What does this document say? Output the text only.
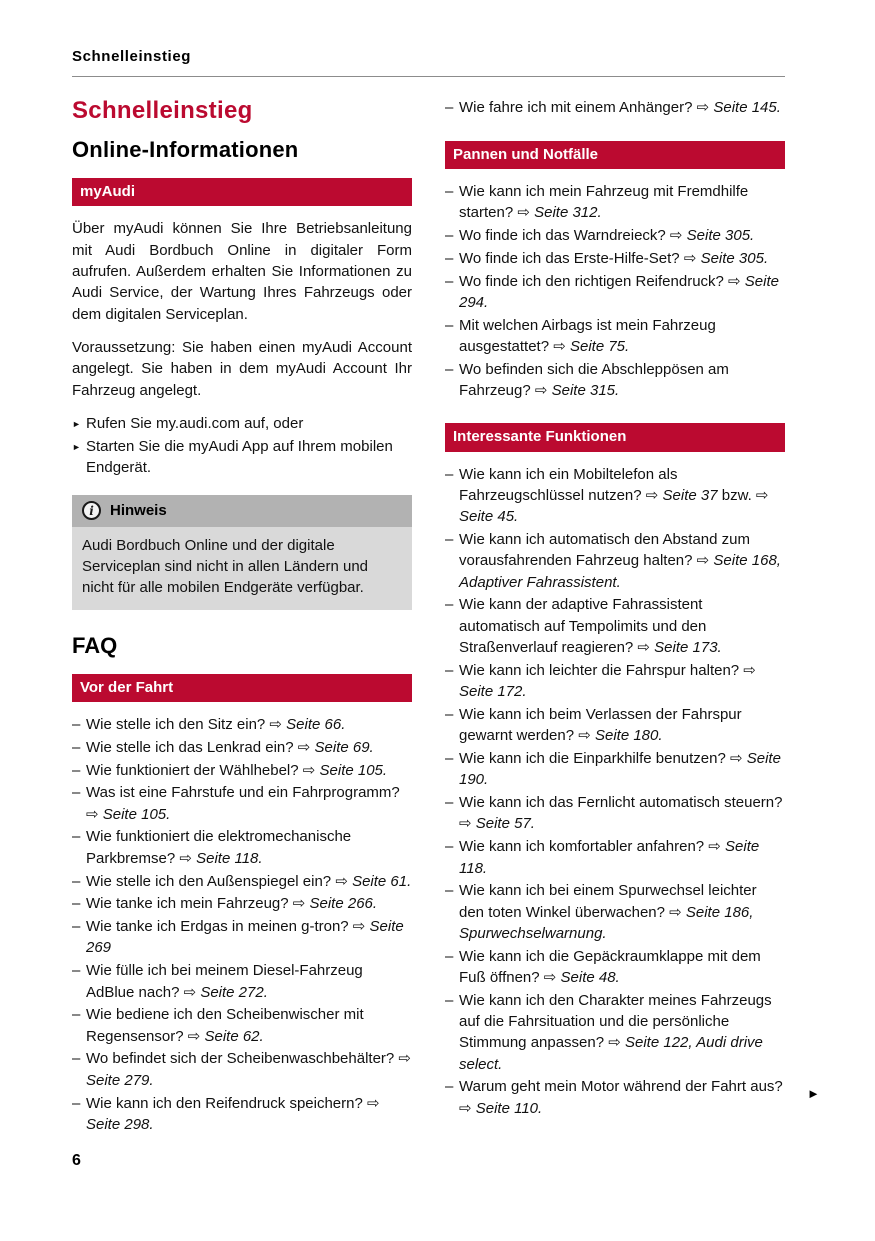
Schnelleinstieg
Schnelleinstieg
Online-Informationen
myAudi

Über myAudi können Sie Ihre Betriebsanleitung mit Audi Bordbuch Online in digitaler Form aufrufen. Außerdem erhalten Sie Informationen zu Audi Service, der Wartung Ihres Fahrzeugs oder dem digitalen Serviceplan.

Voraussetzung: Sie haben einen myAudi Account angelegt. Sie haben in dem myAudi Account Ihr Fahrzeug angelegt.

► Rufen Sie my.audi.com auf, oder
► Starten Sie die myAudi App auf Ihrem mobilen Endgerät.
i Hinweis
Audi Bordbuch Online und der digitale Serviceplan sind nicht in allen Ländern und nicht für alle mobilen Endgeräte verfügbar.
FAQ
Vor der Fahrt
– Wie stelle ich den Sitz ein? ⇨ Seite 66.
– Wie stelle ich das Lenkrad ein? ⇨ Seite 69.
– Wie funktioniert der Wählhebel? ⇨ Seite 105.
– Was ist eine Fahrstufe und ein Fahrprogramm? ⇨ Seite 105.
– Wie funktioniert die elektromechanische Parkbremse? ⇨ Seite 118.
– Wie stelle ich den Außenspiegel ein? ⇨ Seite 61.
– Wie tanke ich mein Fahrzeug? ⇨ Seite 266.
– Wie tanke ich Erdgas in meinen g-tron? ⇨ Seite 269
– Wie fülle ich bei meinem Diesel-Fahrzeug AdBlue nach? ⇨ Seite 272.
– Wie bediene ich den Scheibenwischer mit Regensensor? ⇨ Seite 62.
– Wo befindet sich der Scheibenwaschbehälter? ⇨ Seite 279.
– Wie kann ich den Reifendruck speichern? ⇨ Seite 298.
– Wie fahre ich mit einem Anhänger? ⇨ Seite 145.
Pannen und Notfälle
– Wie kann ich mein Fahrzeug mit Fremdhilfe starten? ⇨ Seite 312.
– Wo finde ich das Warndreieck? ⇨ Seite 305.
– Wo finde ich das Erste-Hilfe-Set? ⇨ Seite 305.
– Wo finde ich den richtigen Reifendruck? ⇨ Seite 294.
– Mit welchen Airbags ist mein Fahrzeug ausgestattet? ⇨ Seite 75.
– Wo befinden sich die Abschleppösen am Fahrzeug? ⇨ Seite 315.
Interessante Funktionen
– Wie kann ich ein Mobiltelefon als Fahrzeugschlüssel nutzen? ⇨ Seite 37 bzw. ⇨ Seite 45.
– Wie kann ich automatisch den Abstand zum vorausfahrenden Fahrzeug halten? ⇨ Seite 168, Adaptiver Fahrassistent.
– Wie kann der adaptive Fahrassistent automatisch auf Tempolimits und den Straßenverlauf reagieren? ⇨ Seite 173.
– Wie kann ich leichter die Fahrspur halten? ⇨ Seite 172.
– Wie kann ich beim Verlassen der Fahrspur gewarnt werden? ⇨ Seite 180.
– Wie kann ich die Einparkhilfe benutzen? ⇨ Seite 190.
– Wie kann ich das Fernlicht automatisch steuern? ⇨ Seite 57.
– Wie kann ich komfortabler anfahren? ⇨ Seite 118.
– Wie kann ich bei einem Spurwechsel leichter den toten Winkel überwachen? ⇨ Seite 186, Spurwechselwarnung.
– Wie kann ich die Gepäckraumklappe mit dem Fuß öffnen? ⇨ Seite 48.
– Wie kann ich den Charakter meines Fahrzeugs auf die Fahrsituation und die persönliche Stimmung anpassen? ⇨ Seite 122, Audi drive select.
– Warum geht mein Motor während der Fahrt aus? ⇨ Seite 110.
►
6
